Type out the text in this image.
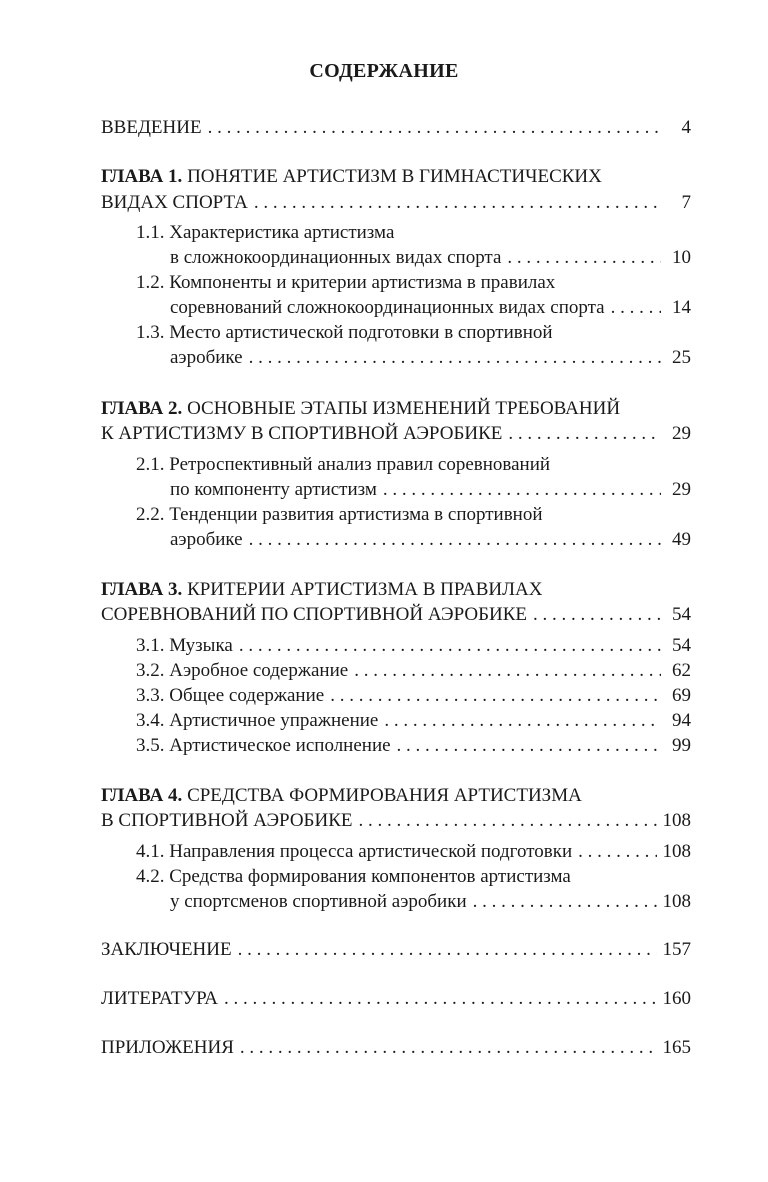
СОДЕРЖАНИЕ
ВВЕДЕНИЕ . . .	4
ГЛАВА 1. ПОНЯТИЕ АРТИСТИЗМ В ГИМНАСТИЧЕСКИХ
ВИДАХ СПОРТА . . .	7
1.1. Характеристика артистизма
в сложнокоординационных видах спорта . . .	10
1.2. Компоненты и критерии артистизма в правилах
соревнований сложнокоординационных видах спорта . . .	14
1.3. Место артистической подготовки в спортивной
аэробике . . .	25
ГЛАВА 2. ОСНОВНЫЕ ЭТАПЫ ИЗМЕНЕНИЙ ТРЕБОВАНИЙ
К АРТИСТИЗМУ В СПОРТИВНОЙ АЭРОБИКЕ . . .	29
2.1. Ретроспективный анализ правил соревнований
по компоненту артистизм . . .	29
2.2. Тенденции развития артистизма в спортивной
аэробике . . .	49
ГЛАВА 3. КРИТЕРИИ АРТИСТИЗМА В ПРАВИЛАХ
СОРЕВНОВАНИЙ ПО СПОРТИВНОЙ АЭРОБИКЕ . . .	54
3.1. Музыка . . .	54
3.2. Аэробное содержание . . .	62
3.3. Общее содержание . . .	69
3.4. Артистичное упражнение . . .	94
3.5. Артистическое исполнение . . .	99
ГЛАВА 4. СРЕДСТВА ФОРМИРОВАНИЯ АРТИСТИЗМА
В СПОРТИВНОЙ АЭРОБИКЕ . . .	108
4.1. Направления процесса артистической подготовки . . .	108
4.2. Средства формирования компонентов артистизма
у спортсменов спортивной аэробики . . .	108
ЗАКЛЮЧЕНИЕ . . .	157
ЛИТЕРАТУРА . . .	160
ПРИЛОЖЕНИЯ . . .	165
